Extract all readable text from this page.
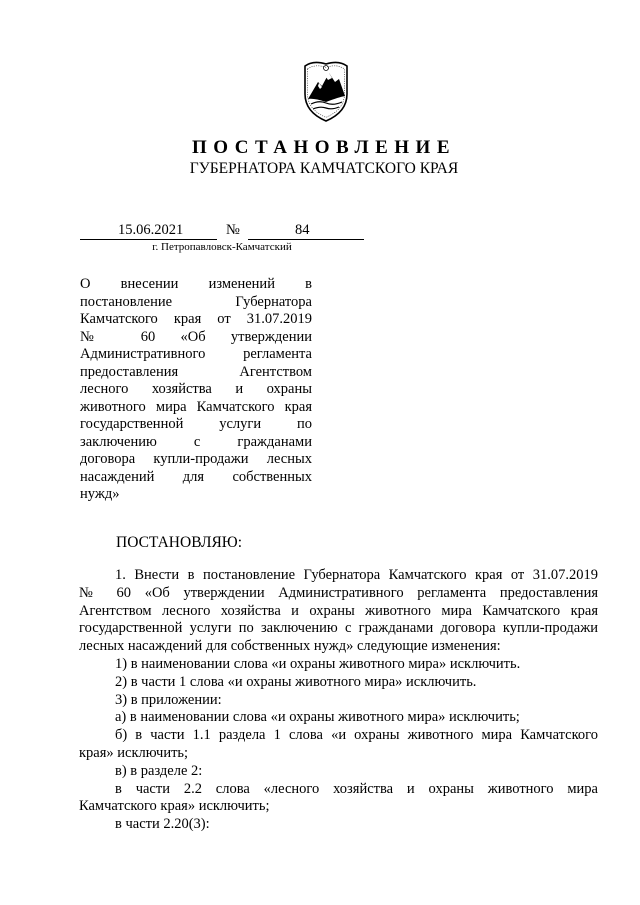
ПОСТАНОВЛЕНИЕ
ГУБЕРНАТОРА КАМЧАТСКОГО КРАЯ
15.06.2021	№	84
г. Петропавловск-Камчатский
О внесении изменений в
постановление Губернатора
Камчатского края от 31.07.2019
№ 60 «Об утверждении
Административного регламента
предоставления Агентством
лесного хозяйства и охраны
животного мира Камчатского края
государственной услуги по
заключению с гражданами
договора купли-продажи лесных
насаждений для собственных
нужд»
ПОСТАНОВЛЯЮ:
1. Внести в постановление Губернатора Камчатского края от 31.07.2019
№ 60 «Об утверждении Административного регламента предоставления
Агентством лесного хозяйства и охраны животного мира Камчатского края
государственной услуги по заключению с гражданами договора купли-продажи
лесных насаждений для собственных нужд» следующие изменения:
1) в наименовании слова «и охраны животного мира» исключить.
2) в части 1 слова «и охраны животного мира» исключить.
3) в приложении:
а) в наименовании слова «и охраны животного мира» исключить;
б) в части 1.1 раздела 1 слова «и охраны животного мира Камчатского
края» исключить;
в) в разделе 2:
в части 2.2 слова «лесного хозяйства и охраны животного мира
Камчатского края» исключить;
в части 2.20(3):
